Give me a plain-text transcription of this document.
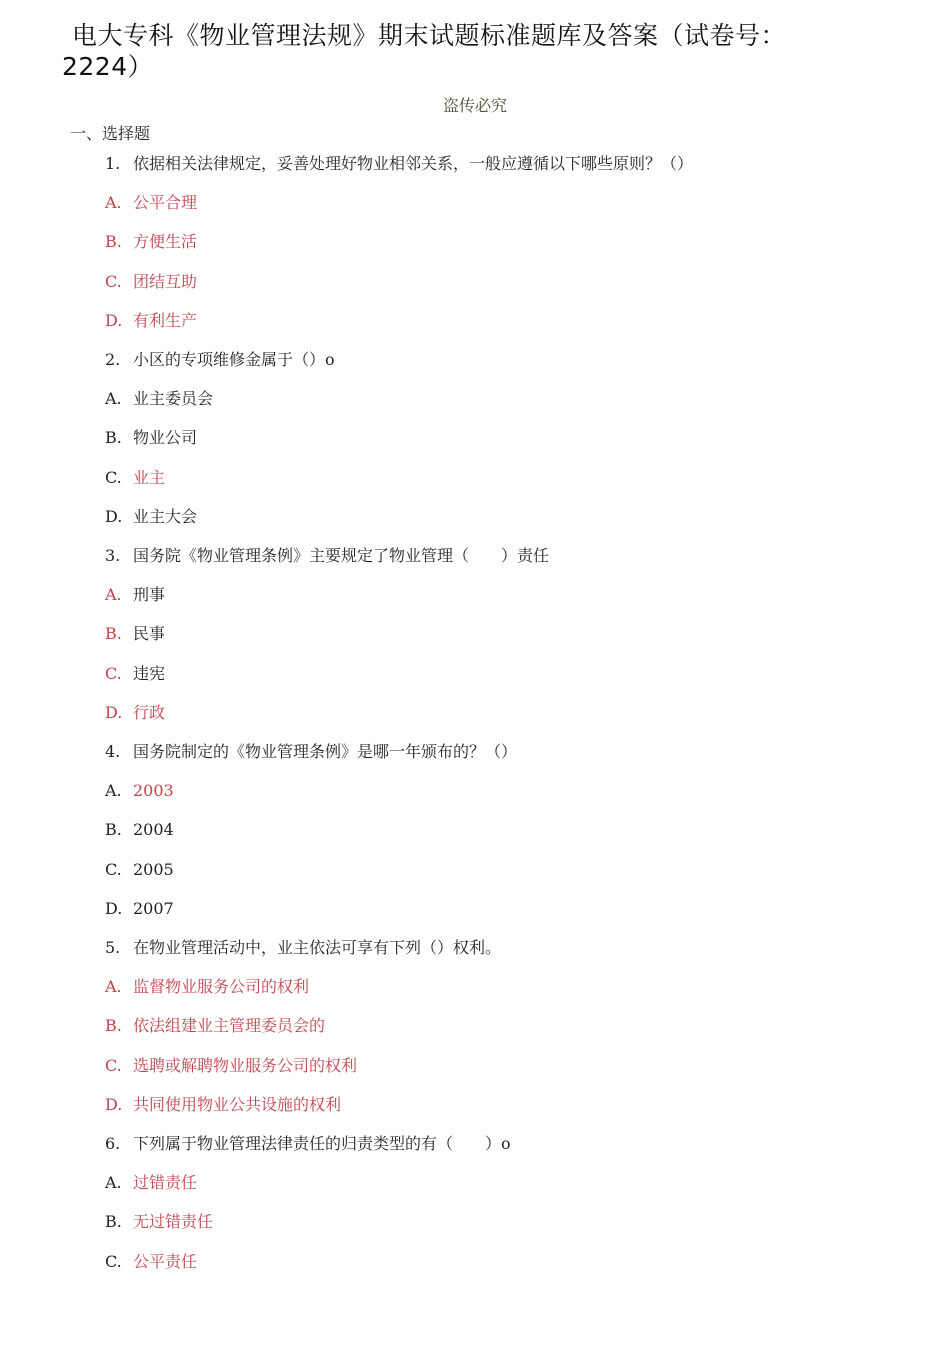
电大专科《物业管理法规》期末试题标准题库及答案（试卷号：
2224）
盗传必究
一、选择题
1. 依据相关法律规定，妥善处理好物业相邻关系，一般应遵循以下哪些原则？（）
A. 公平合理
B. 方便生活
C. 团结互助
D. 有利生产
2. 小区的专项维修金属于（）o
A. 业主委员会
B. 物业公司
C. 业主
D. 业主大会
3. 国务院《物业管理条例》主要规定了物业管理（　　）责任
A. 刑事
B. 民事
C. 违宪
D. 行政
4. 国务院制定的《物业管理条例》是哪一年颁布的？（）
A. 2003
B. 2004
C. 2005
D. 2007
5. 在物业管理活动中，业主依法可享有下列（）权利。
A. 监督物业服务公司的权利
B. 依法组建业主管理委员会的
C. 选聘或解聘物业服务公司的权利
D. 共同使用物业公共设施的权利
6. 下列属于物业管理法律责任的归责类型的有（　　）o
A. 过错责任
B. 无过错责任
C. 公平责任
